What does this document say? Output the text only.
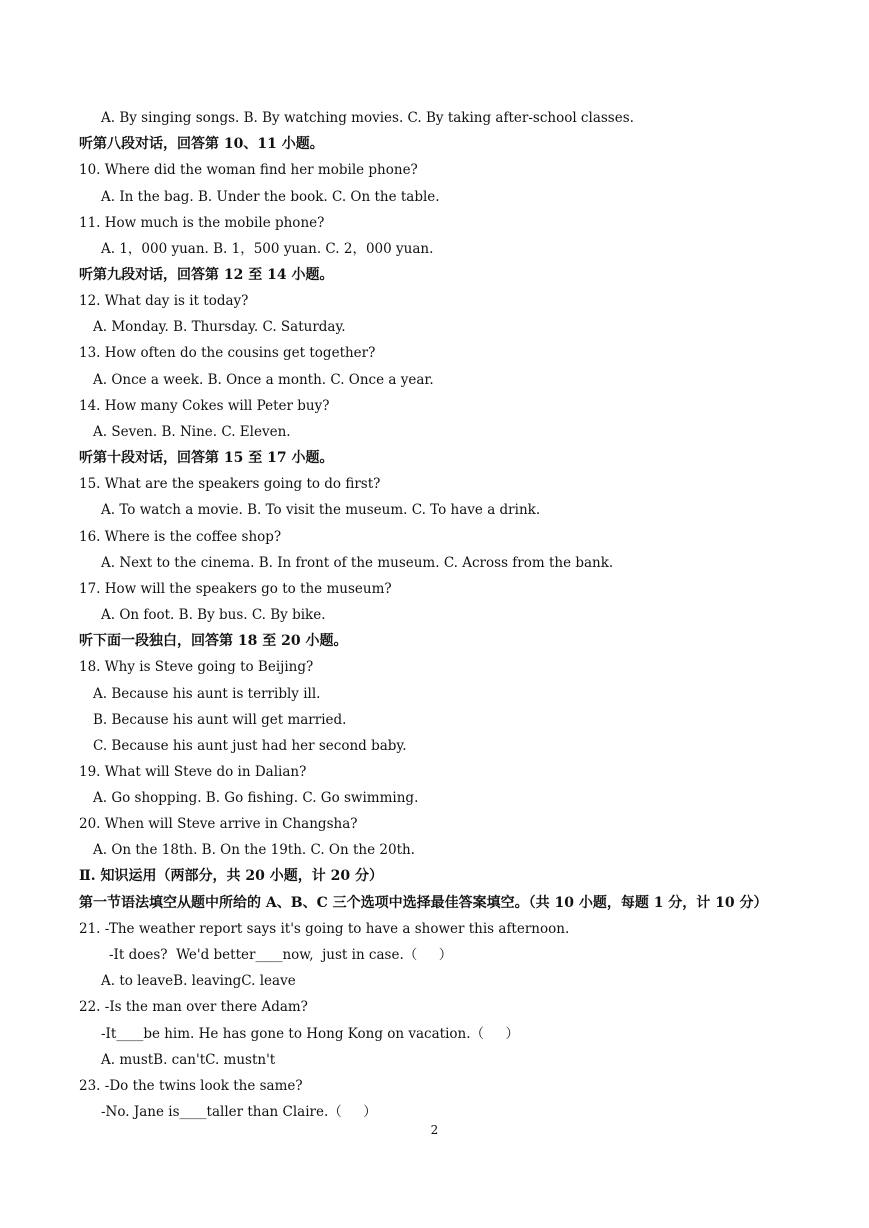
A. By singing songs. B. By watching movies. C. By taking after-school classes.
听第八段对话，回答第 10、11 小题。
10. Where did the woman find her mobile phone?
A. In the bag. B. Under the book. C. On the table.
11. How much is the mobile phone?
A. 1，000 yuan. B. 1，500 yuan. C. 2，000 yuan.
听第九段对话，回答第 12 至 14 小题。
12. What day is it today?
A. Monday. B. Thursday. C. Saturday.
13. How often do the cousins get together?
A. Once a week. B. Once a month. C. Once a year.
14. How many Cokes will Peter buy?
A. Seven. B. Nine. C. Eleven.
听第十段对话，回答第 15 至 17 小题。
15. What are the speakers going to do first?
A. To watch a movie. B. To visit the museum. C. To have a drink.
16. Where is the coffee shop?
A. Next to the cinema. B. In front of the museum. C. Across from the bank.
17. How will the speakers go to the museum?
A. On foot. B. By bus. C. By bike.
听下面一段独白，回答第 18 至 20 小题。
18. Why is Steve going to Beijing?
A. Because his aunt is terribly ill.
B. Because his aunt will get married.
C. Because his aunt just had her second baby.
19. What will Steve do in Dalian?
A. Go shopping. B. Go fishing. C. Go swimming.
20. When will Steve arrive in Changsha?
A. On the 18th. B. On the 19th. C. On the 20th.
Ⅱ. 知识运用（两部分，共 20 小题，计 20 分）
第一节语法填空从题中所给的 A、B、C 三个选项中选择最佳答案填空。（共 10 小题，每题 1 分，计 10 分）
21. -The weather report says it's going to have a shower this afternoon.
-It does?  We'd better____now,  just in case.（     ）
A. to leaveB. leavingC. leave
22. -Is the man over there Adam?
-It____be him. He has gone to Hong Kong on vacation.（     ）
A. mustB. can'tC. mustn't
23. -Do the twins look the same?
-No. Jane is____taller than Claire.（     ）
2
